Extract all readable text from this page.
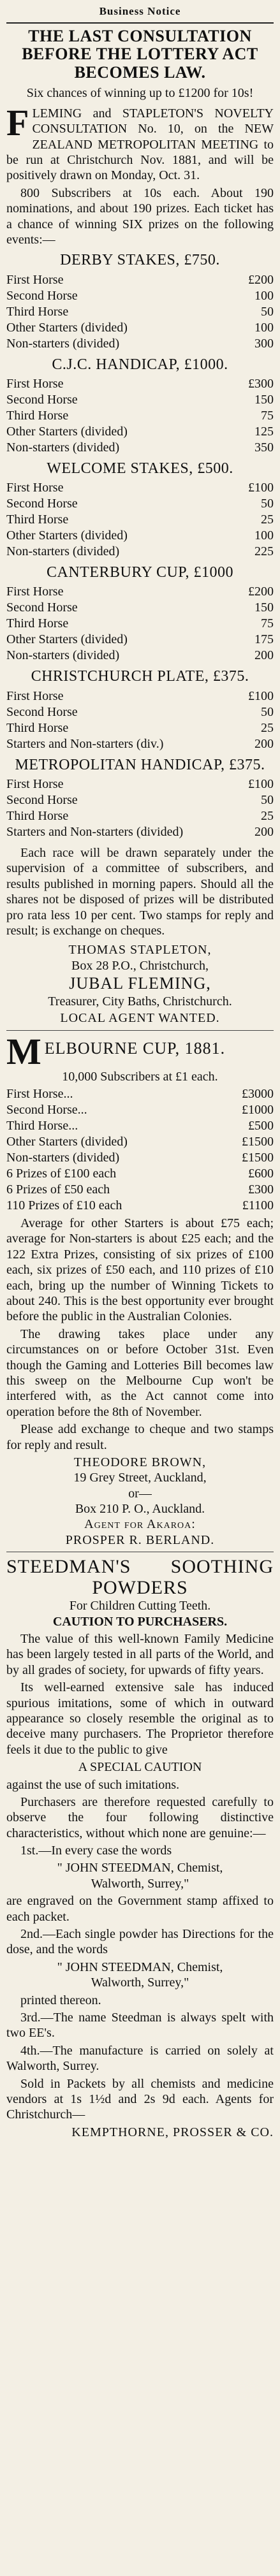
Business Notice
THE LAST CONSULTATION BEFORE THE LOTTERY ACT BECOMES LAW.

Six chances of winning up to £1200 for 10s!

FLEMING and STAPLETON'S NOVELTY CONSULTATION No. 10, on the NEW ZEALAND METROPOLITAN MEETING to be run at Christchurch Nov. 1881, and will be positively drawn on Monday, Oct. 31.

800 Subscribers at 10s each. About 190 nominations, and about 190 prizes. Each ticket has a chance of winning SIX prizes on the following events:—

DERBY STAKES, £750.
First Horse	£200
Second Horse	100
Third Horse	50
Other Starters (divided)	100
Non-starters (divided)	300
C.J.C. HANDICAP, £1000.
First Horse	£300
Second Horse	150
Third Horse	75
Other Starters (divided)	125
Non-starters (divided)	350
WELCOME STAKES, £500.
First Horse	£100
Second Horse	50
Third Horse	25
Other Starters (divided)	100
Non-starters (divided)	225
CANTERBURY CUP, £1000
First Horse	£200
Second Horse	150
Third Horse	75
Other Starters (divided)	175
Non-starters (divided)	200
CHRISTCHURCH PLATE, £375.
First Horse	£100
Second Horse	50
Third Horse	25
Starters and Non-starters (div.)	200
METROPOLITAN HANDICAP, £375.
First Horse	£100
Second Horse	50
Third Horse	25
Starters and Non-starters (divided)	200

Each race will be drawn separately under the supervision of a committee of subscribers, and results published in morning papers. Should all the shares not be disposed of prizes will be distributed pro rata less 10 per cent. Two stamps for reply and result; is exchange on cheques.

THOMAS STAPLETON,
Box 28 P.O., Christchurch,
JUBAL FLEMING,
Treasurer, City Baths, Christchurch.
LOCAL AGENT WANTED.
M ELBOURNE CUP, 1881.

10,000 Subscribers at £1 each.

First Horse...	£3000
Second Horse...	£1000
Third Horse...	£500
Other Starters (divided)	£1500
Non-starters (divided)	£1500
6 Prizes of £100 each	£600
6 Prizes of £50 each	£300
110 Prizes of £10 each	£1100

Average for other Starters is about £75 each; average for Non-starters is about £25 each; and the 122 Extra Prizes, consisting of six prizes of £100 each, six prizes of £50 each, and 110 prizes of £10 each, bring up the number of Winning Tickets to about 240. This is the best opportunity ever brought before the public in the Australian Colonies.

The drawing takes place under any circumstances on or before October 31st. Even though the Gaming and Lotteries Bill becomes law this sweep on the Melbourne Cup won't be interfered with, as the Act cannot come into operation before the 8th of November.

Please add exchange to cheque and two stamps for reply and result.

THEODORE BROWN,
19 Grey Street, Auckland,
or—
Box 210 P. O., Auckland.
Agent for Akaroa:
PROSPER R. BERLAND.
STEEDMAN'S SOOTHING
POWDERS
For Children Cutting Teeth.
CAUTION TO PURCHASERS.

The value of this well-known Family Medicine has been largely tested in all parts of the World, and by all grades of society, for upwards of fifty years.

Its well-earned extensive sale has induced spurious imitations, some of which in outward appearance so closely resemble the original as to deceive many purchasers. The Proprietor therefore feels it due to the public to give

A SPECIAL CAUTION

against the use of such imitations.

Purchasers are therefore requested carefully to observe the four following distinctive characteristics, without which none are genuine:—

1st.—In every case the words

" JOHN STEEDMAN, Chemist,
Walworth, Surrey,"

are engraved on the Government stamp affixed to each packet.

2nd.—Each single powder has Directions for the dose, and the words

" JOHN STEEDMAN, Chemist,
Walworth, Surrey,"

printed thereon.

3rd.—The name Steedman is always spelt with two EE's.

4th.—The manufacture is carried on solely at Walworth, Surrey.

Sold in Packets by all chemists and medicine vendors at 1s 1½d and 2s 9d each. Agents for Christchurch—

KEMPTHORNE, PROSSER & CO.
